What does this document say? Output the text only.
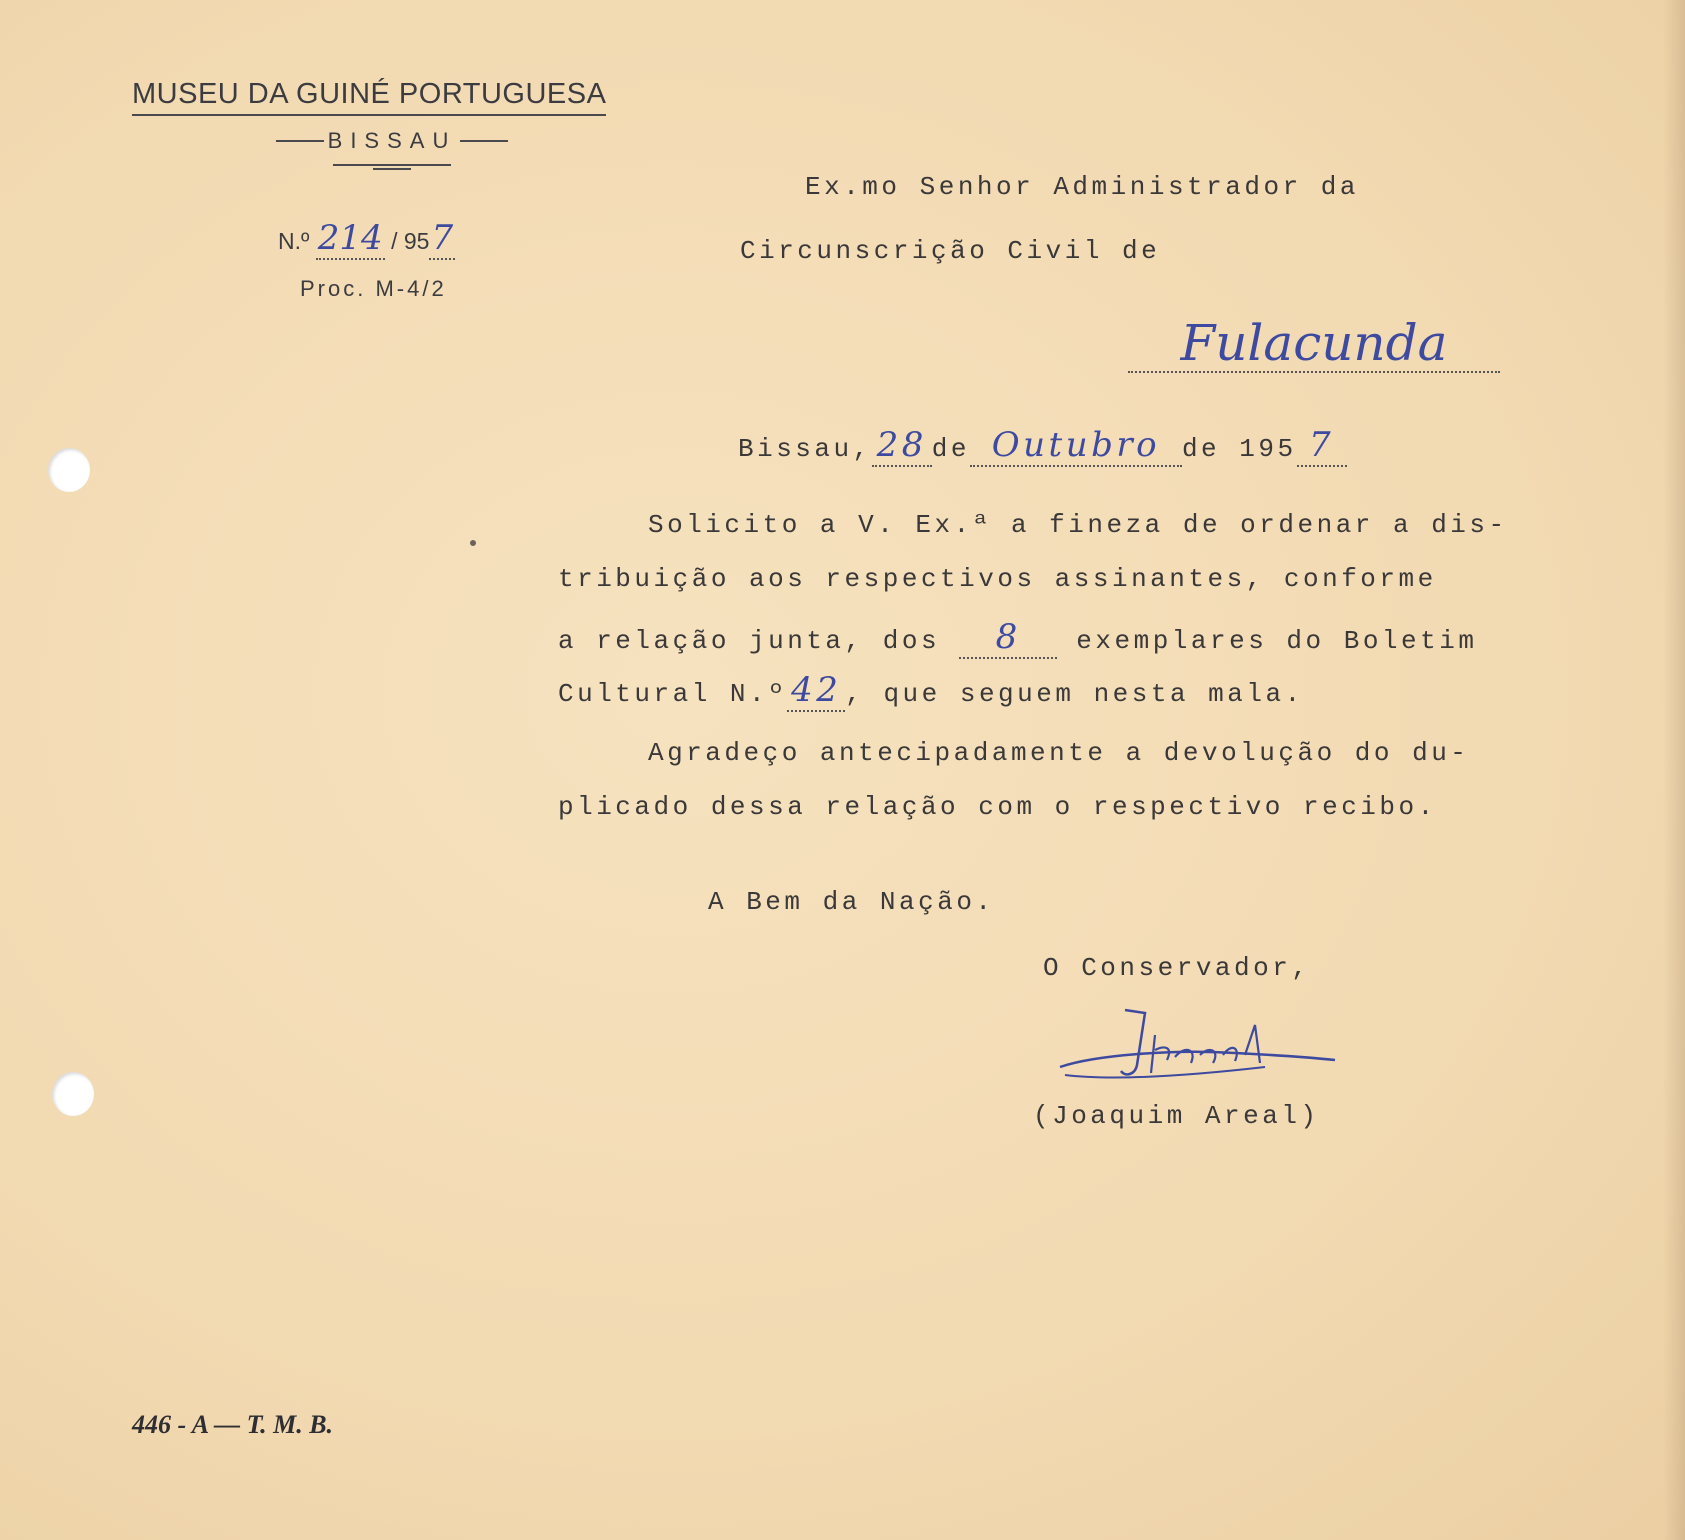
MUSEU DA GUINÉ PORTUGUESA
BISSAU
N.º 214 / 957
Proc. M-4/2
Ex.mo Senhor Administrador da
Circunscrição Civil de
Fulacunda
Bissau, 28 de Outubro de 195 7
Solicito a V. Ex.ª a fineza de ordenar a dis-
tribuição aos respectivos assinantes, conforme
a relação junta, dos 8 exemplares do Boletim
Cultural N.º 42 , que seguem nesta mala.
Agradeço antecipadamente a devolução do du-
plicado dessa relação com o respectivo recibo.
A Bem da Nação.
O Conservador,
(Joaquim Areal)
446 - A — T. M. B.
